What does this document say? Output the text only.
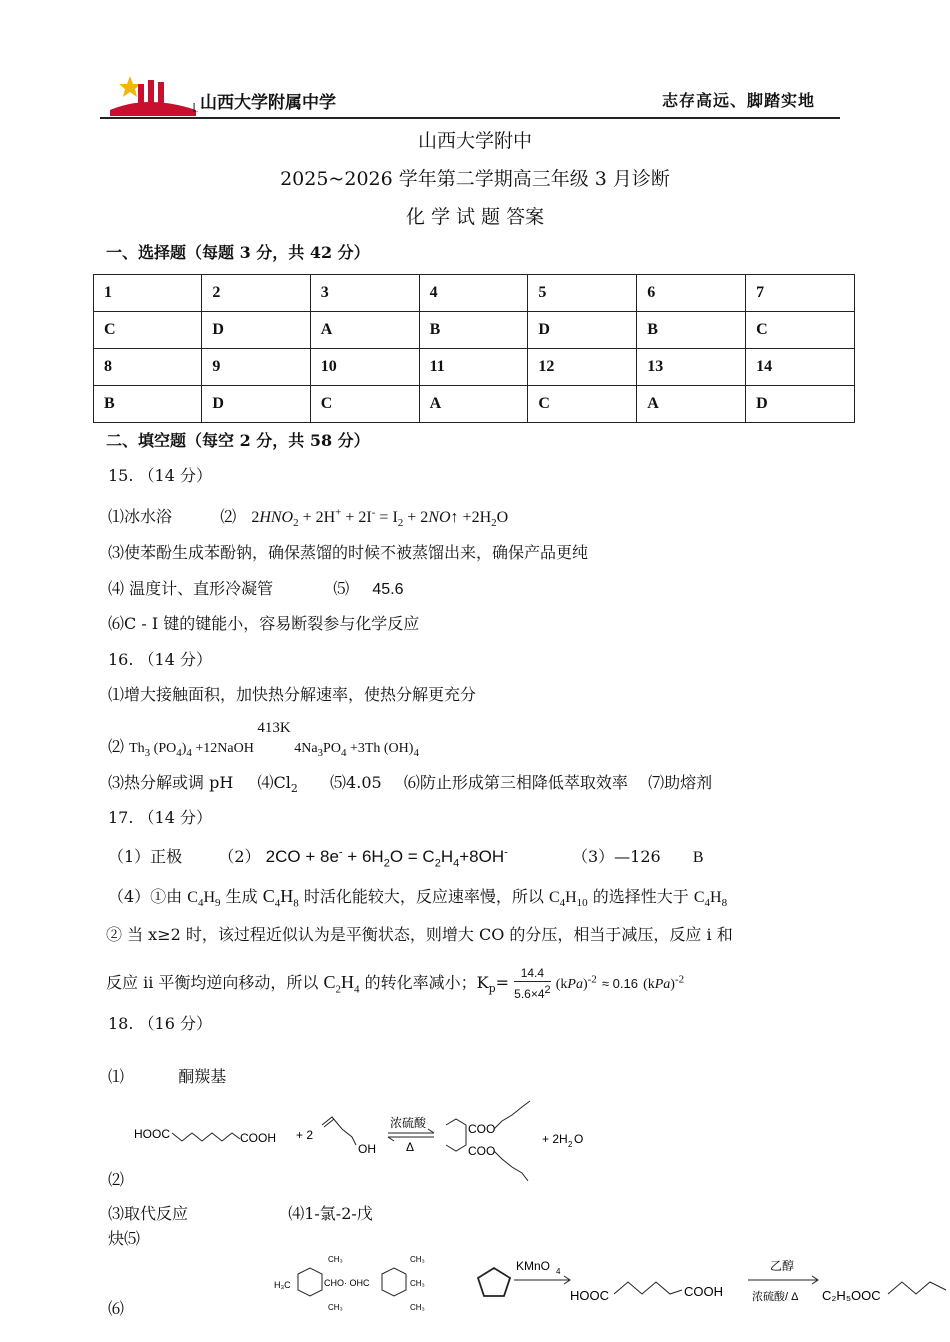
山西大学附属中学	志存高远、脚踏实地
山西大学附中
2025~2026 学年第二学期高三年级 3 月诊断
化 学 试 题 答案
一、选择题（每题 3 分，共 42 分）
1	2	3	4	5	6	7
C	D	A	B	D	B	C
8	9	10	11	12	13	14
B	D	C	A	C	A	D
二、填空题（每空 2 分，共 58 分）
15. （14 分）
⑴冰水浴	⑵ $2HNO_2 + 2H^+ + 2I^- = I_2$ + 2NO↑ $+2H_2O$
⑶使苯酚生成苯酚钠，确保蒸馏的时候不被蒸馏出来，确保产品更纯
⑷ 温度计、直形冷凝管	⑸ 45.6
⑹C - I 键的键能小，容易断裂参与化学反应
16. （14 分）
⑴增大接触面积，加快热分解速率，使热分解更充分
⑵ $Th_3$ $(PO_4)_4$ +12NaOH 413K $4Na_3PO_4 +3Th$ $(OH)_4$
⑶热分解或调 pH $⑷Cl_2$ ⑸4.05 ⑹防止形成第三相降低萃取效率 ⑺助熔剂
17. （14 分）
（1）正极 （2） $2CO + 8e^- + 6H_2O = C_2H_4+8OH^-$	（3）—126 B
（4）①由 $C_4H_9$ 生成 $C_4H_8$ 时活化能较大，反应速率慢，所以 $C_4H_{10}$ 的选择性大于 $C_4H_8$
② 当 x≥2 时，该过程近似认为是平衡状态，则增大 CO 的分压，相当于减压，反应 i 和
反应 ii 平衡均逆向移动，所以 $C_2H_4$ 的转化率减小；$K_p= \frac{14.4}{5.6\times 4^2} (kPa)^{-2} \approx 0.16$ (kPa)$^{-2}$
18. （16 分）
⑴	酮羰基
HOOC	COOH + 2
OH
浓硫酸
Δ
COO
COO
+ 2H 2 O
⑵
⑶取代反应	⑷1-氯-2-戊
炔⑸
H₃C
CH₃
CH₃
CHO· OHC
CH₃
CH₃
CH₃
KMnO 4
HOOC	COOH
乙醇
浓硫酸/ Δ C₂H₅OOC
⑹
